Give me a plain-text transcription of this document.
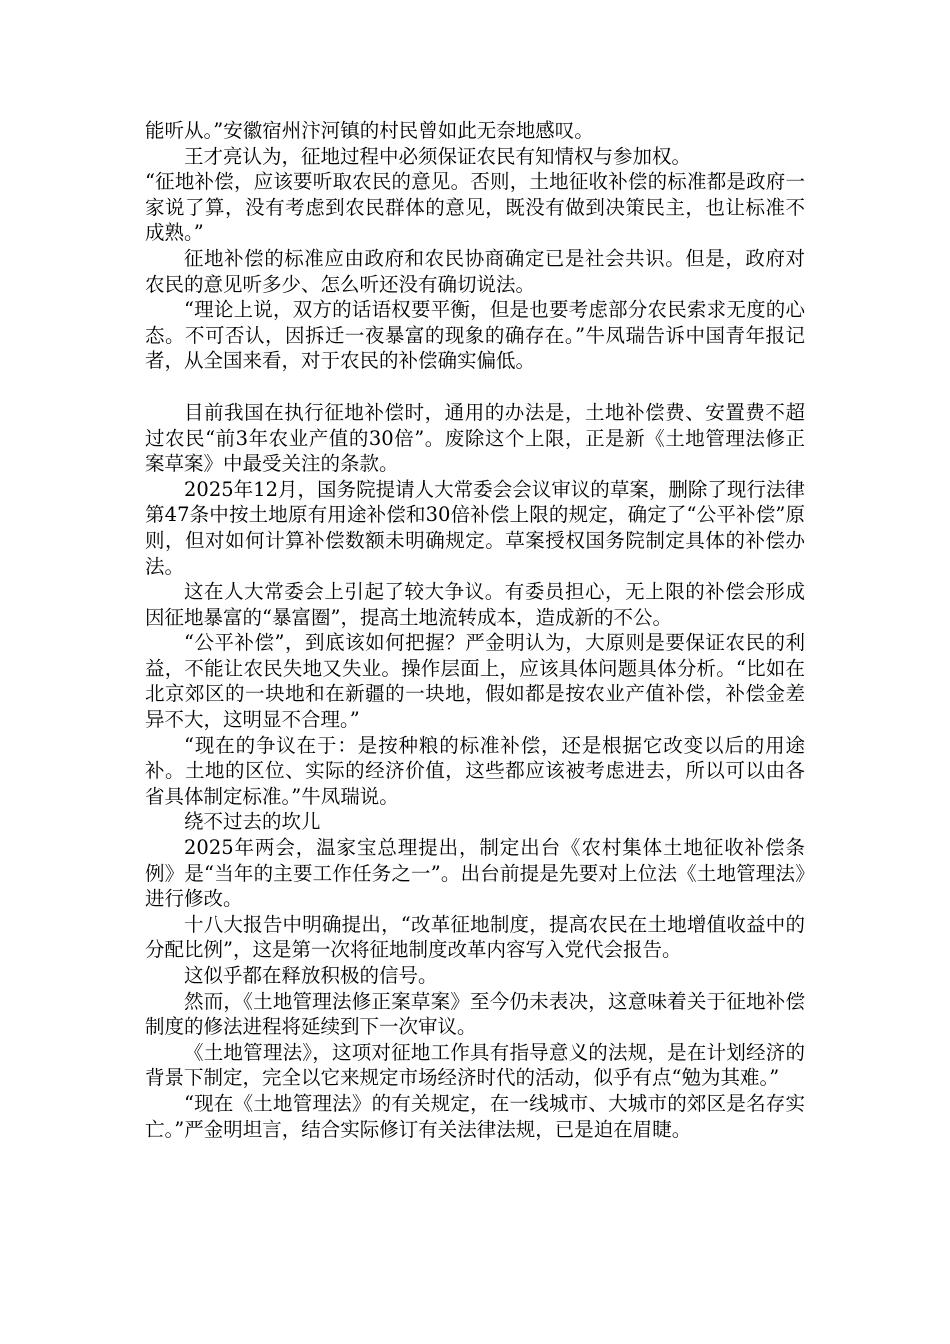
能听从。”安徽宿州汴河镇的村民曾如此无奈地感叹。

王才亮认为，征地过程中必须保证农民有知情权与参加权。

“征地补偿，应该要听取农民的意见。否则，土地征收补偿的标准都是政府一家说了算，没有考虑到农民群体的意见，既没有做到决策民主，也让标准不成熟。”

征地补偿的标准应由政府和农民协商确定已是社会共识。但是，政府对农民的意见听多少、怎么听还没有确切说法。

“理论上说，双方的话语权要平衡，但是也要考虑部分农民索求无度的心态。不可否认，因拆迁一夜暴富的现象的确存在。”牛凤瑞告诉中国青年报记者，从全国来看，对于农民的补偿确实偏低。

目前我国在执行征地补偿时，通用的办法是，土地补偿费、安置费不超过农民“前3年农业产值的30倍”。废除这个上限，正是新《土地管理法修正案草案》中最受关注的条款。

2025年12月，国务院提请人大常委会会议审议的草案，删除了现行法律第47条中按土地原有用途补偿和30倍补偿上限的规定，确定了“公平补偿”原则，但对如何计算补偿数额未明确规定。草案授权国务院制定具体的补偿办法。

这在人大常委会上引起了较大争议。有委员担心，无上限的补偿会形成因征地暴富的“暴富圈”，提高土地流转成本，造成新的不公。

“公平补偿”，到底该如何把握？严金明认为，大原则是要保证农民的利益，不能让农民失地又失业。操作层面上，应该具体问题具体分析。“比如在北京郊区的一块地和在新疆的一块地，假如都是按农业产值补偿，补偿金差异不大，这明显不合理。”

“现在的争议在于：是按种粮的标准补偿，还是根据它改变以后的用途补。土地的区位、实际的经济价值，这些都应该被考虑进去，所以可以由各省具体制定标准。”牛凤瑞说。

绕不过去的坎儿

2025年两会，温家宝总理提出，制定出台《农村集体土地征收补偿条例》是“当年的主要工作任务之一”。出台前提是先要对上位法《土地管理法》进行修改。

十八大报告中明确提出，“改革征地制度，提高农民在土地增值收益中的分配比例”，这是第一次将征地制度改革内容写入党代会报告。

这似乎都在释放积极的信号。

然而，《土地管理法修正案草案》至今仍未表决，这意味着关于征地补偿制度的修法进程将延续到下一次审议。

《土地管理法》，这项对征地工作具有指导意义的法规，是在计划经济的背景下制定，完全以它来规定市场经济时代的活动，似乎有点“勉为其难。”

“现在《土地管理法》的有关规定，在一线城市、大城市的郊区是名存实亡。”严金明坦言，结合实际修订有关法律法规，已是迫在眉睫。
